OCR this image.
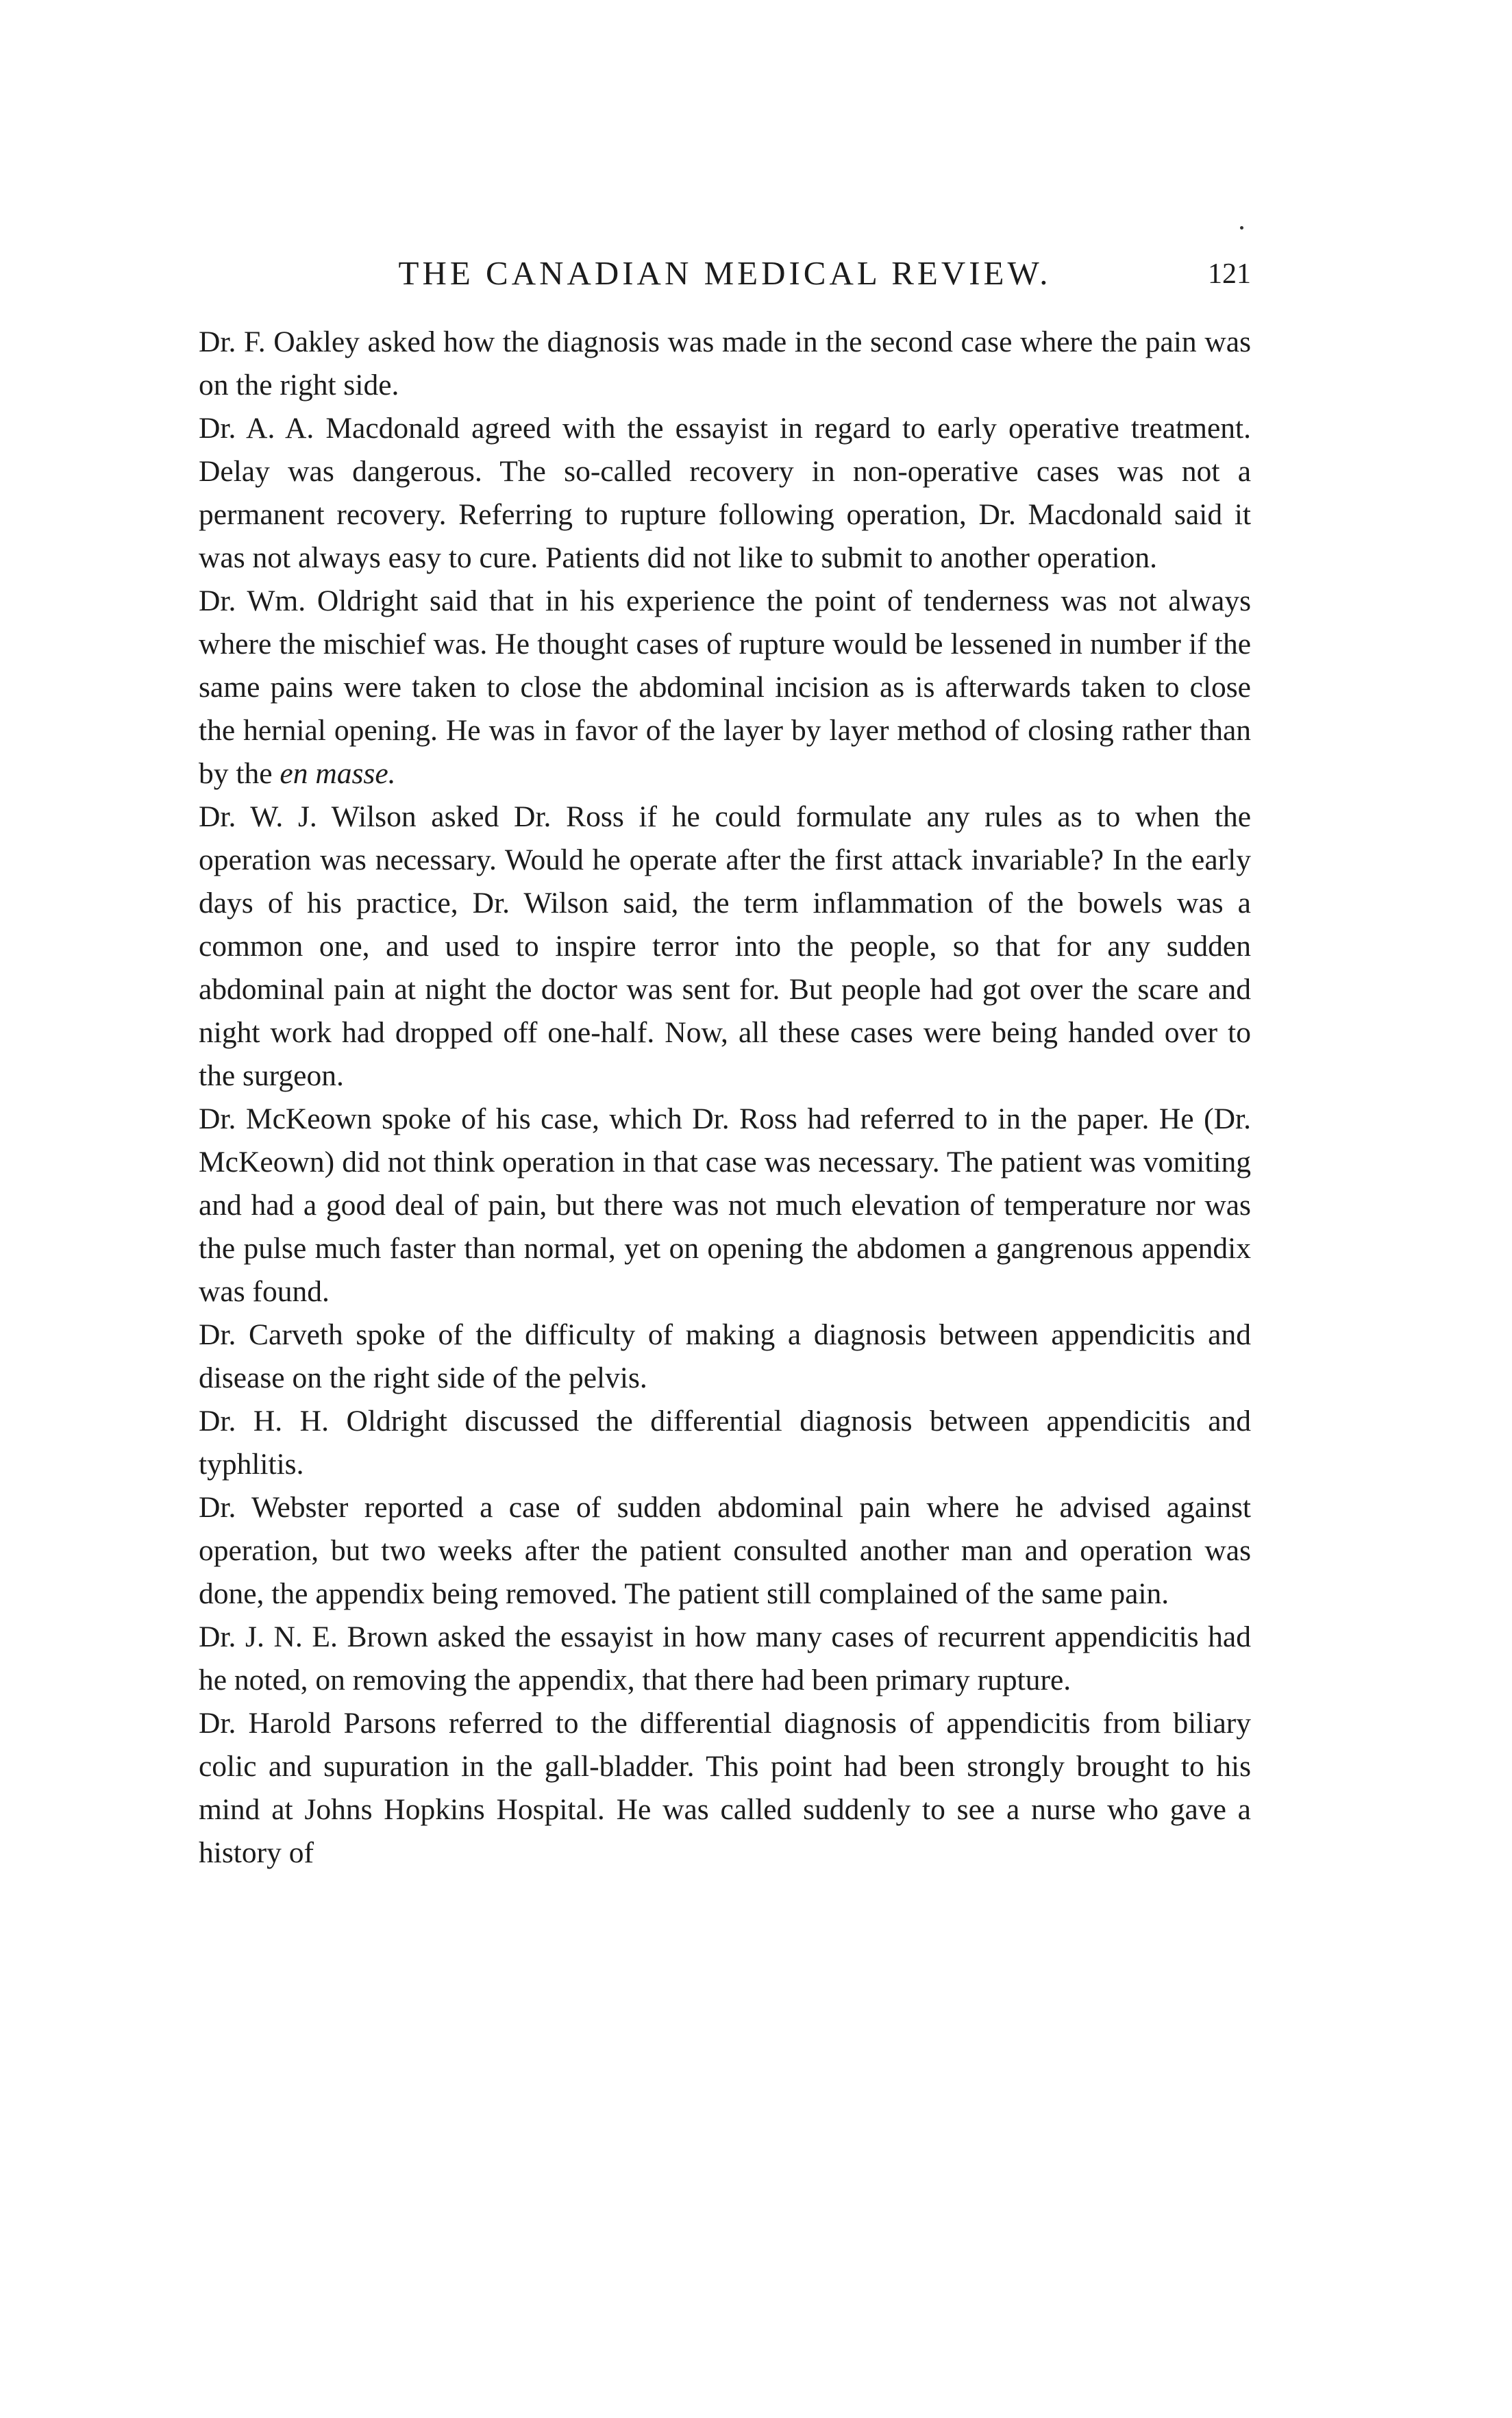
THE CANADIAN MEDICAL REVIEW.	121

Dr. F. Oakley asked how the diagnosis was made in the second case where the pain was on the right side.

Dr. A. A. Macdonald agreed with the essayist in regard to early operative treatment. Delay was dangerous. The so-called recovery in non-operative cases was not a permanent recovery. Referring to rupture following operation, Dr. Macdonald said it was not always easy to cure. Patients did not like to submit to another operation.

Dr. Wm. Oldright said that in his experience the point of tenderness was not always where the mischief was. He thought cases of rupture would be lessened in number if the same pains were taken to close the abdominal incision as is afterwards taken to close the hernial opening. He was in favor of the layer by layer method of closing rather than by the en masse.

Dr. W. J. Wilson asked Dr. Ross if he could formulate any rules as to when the operation was necessary. Would he operate after the first attack invariable? In the early days of his practice, Dr. Wilson said, the term inflammation of the bowels was a common one, and used to inspire terror into the people, so that for any sudden abdominal pain at night the doctor was sent for. But people had got over the scare and night work had dropped off one-half. Now, all these cases were being handed over to the surgeon.

Dr. McKeown spoke of his case, which Dr. Ross had referred to in the paper. He (Dr. McKeown) did not think operation in that case was necessary. The patient was vomiting and had a good deal of pain, but there was not much elevation of temperature nor was the pulse much faster than normal, yet on opening the abdomen a gangrenous appendix was found.

Dr. Carveth spoke of the difficulty of making a diagnosis between appendicitis and disease on the right side of the pelvis.

Dr. H. H. Oldright discussed the differential diagnosis between appendicitis and typhlitis.

Dr. Webster reported a case of sudden abdominal pain where he advised against operation, but two weeks after the patient consulted another man and operation was done, the appendix being removed. The patient still complained of the same pain.

Dr. J. N. E. Brown asked the essayist in how many cases of recurrent appendicitis had he noted, on removing the appendix, that there had been primary rupture.

Dr. Harold Parsons referred to the differential diagnosis of appendicitis from biliary colic and supuration in the gall-bladder. This point had been strongly brought to his mind at Johns Hopkins Hospital. He was called suddenly to see a nurse who gave a history of
